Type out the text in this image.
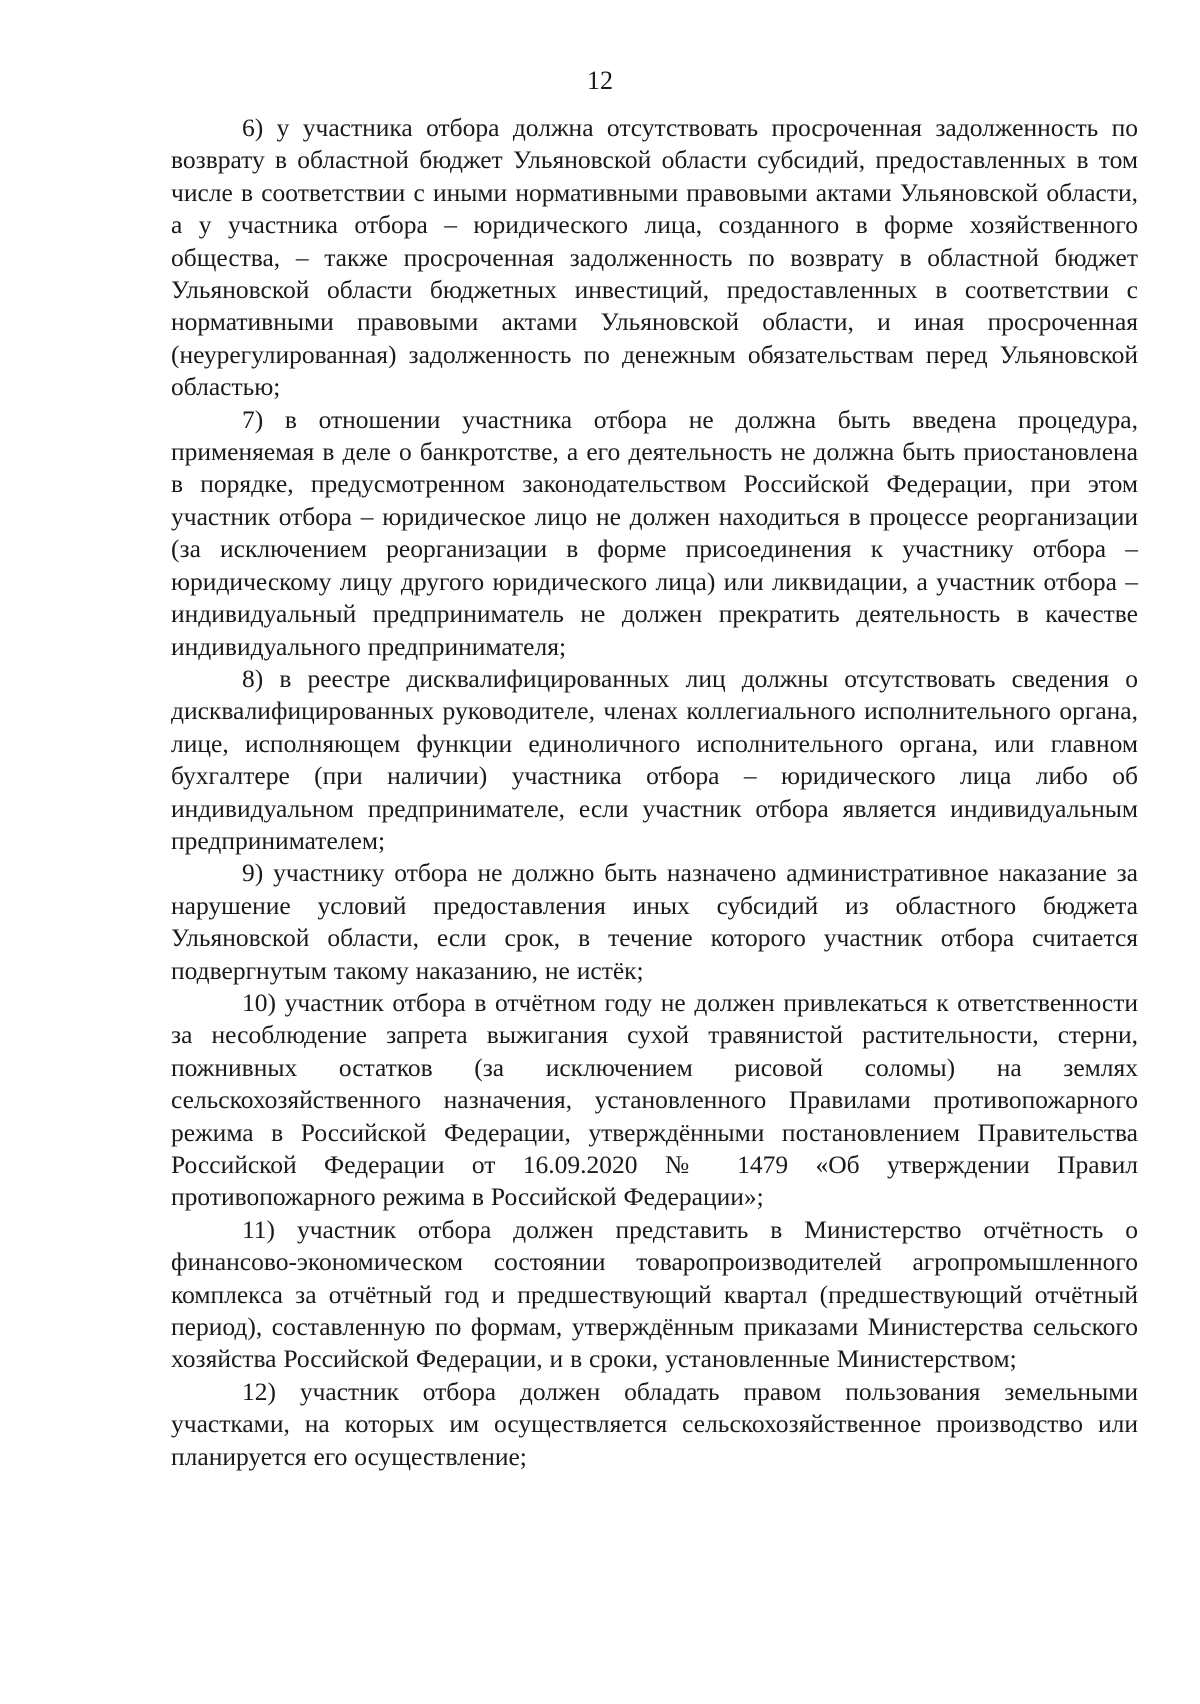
12

6) у участника отбора должна отсутствовать просроченная задолженность по возврату в областной бюджет Ульяновской области субсидий, предоставленных в том числе в соответствии с иными нормативными правовыми актами Ульяновской области, а у участника отбора – юридического лица, созданного в форме хозяйственного общества, – также просроченная задолженность по возврату в областной бюджет Ульяновской области бюджетных инвестиций, предоставленных в соответствии с нормативными правовыми актами Ульяновской области, и иная просроченная (неурегулированная) задолженность по денежным обязательствам перед Ульяновской областью;

7) в отношении участника отбора не должна быть введена процедура, применяемая в деле о банкротстве, а его деятельность не должна быть приостановлена в порядке, предусмотренном законодательством Российской Федерации, при этом участник отбора – юридическое лицо не должен находиться в процессе реорганизации (за исключением реорганизации в форме присоединения к участнику отбора – юридическому лицу другого юридического лица) или ликвидации, а участник отбора – индивидуальный предприниматель не должен прекратить деятельность в качестве индивидуального предпринимателя;

8) в реестре дисквалифицированных лиц должны отсутствовать сведения о дисквалифицированных руководителе, членах коллегиального исполнительного органа, лице, исполняющем функции единоличного исполнительного органа, или главном бухгалтере (при наличии) участника отбора – юридического лица либо об индивидуальном предпринимателе, если участник отбора является индивидуальным предпринимателем;

9) участнику отбора не должно быть назначено административное наказание за нарушение условий предоставления иных субсидий из областного бюджета Ульяновской области, если срок, в течение которого участник отбора считается подвергнутым такому наказанию, не истёк;

10) участник отбора в отчётном году не должен привлекаться к ответственности за несоблюдение запрета выжигания сухой травянистой растительности, стерни, пожнивных остатков (за исключением рисовой соломы) на землях сельскохозяйственного назначения, установленного Правилами противопожарного режима в Российской Федерации, утверждёнными постановлением Правительства Российской Федерации от 16.09.2020 № 1479 «Об утверждении Правил противопожарного режима в Российской Федерации»;

11) участник отбора должен представить в Министерство отчётность о финансово-экономическом состоянии товаропроизводителей агропромышленного комплекса за отчётный год и предшествующий квартал (предшествующий отчётный период), составленную по формам, утверждённым приказами Министерства сельского хозяйства Российской Федерации, и в сроки, установленные Министерством;

12) участник отбора должен обладать правом пользования земельными участками, на которых им осуществляется сельскохозяйственное производство или планируется его осуществление;
